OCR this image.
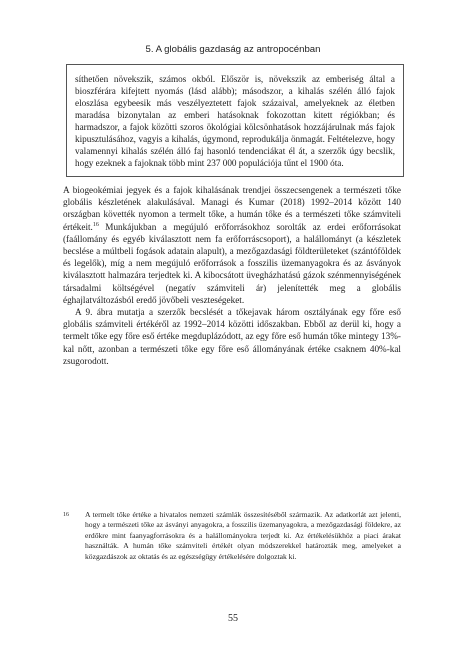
5. A globális gazdaság az antropocénban

síthetően növekszik, számos okból. Először is, növekszik az emberiség által a bioszférára kifejtett nyomás (lásd alább); másodszor, a kihalás szélén álló fajok eloszlása egybeesik más veszélyeztetett fajok százaival, amelyeknek az életben maradása bizonytalan az emberi hatásoknak fokozottan kitett régiókban; és harmadszor, a fajok közötti szoros ökológiai kölcsönhatások hozzájárulnak más fajok kipusztulásához, vagyis a kihalás, úgymond, reprodukálja önmagát. Feltételezve, hogy valamennyi kihalás szélén álló faj hasonló tendenciákat él át, a szerzők úgy becslik, hogy ezeknek a fajoknak több mint 237 000 populációja tűnt el 1900 óta.

A biogeokémiai jegyek és a fajok kihalásának trendjei összecsengenek a természeti tőke globális készletének alakulásával. Managi és Kumar (2018) 1992–2014 között 140 országban követték nyomon a termelt tőke, a humán tőke és a természeti tőke számviteli értékeit.$^{16}$ Munkájukban a megújuló erőforrásokhoz sorolták az erdei erőforrásokat (faállomány és egyéb kiválasztott nem fa erőforráscsoport), a halállományt (a készletek becslése a múltbeli fogások adatain alapult), a mezőgazdasági földterületeket (szántóföldek és legelők), míg a nem megújuló erőforrások a fosszilis üzemanyagokra és az ásványok kiválasztott halmazára terjedtek ki. A kibocsátott üvegházhatású gázok szénmennyiségének társadalmi költségével (negatív számviteli ár) jelenítették meg a globális éghajlatváltozásból eredő jövőbeli veszteségeket.

A 9. ábra mutatja a szerzők becslését a tőkejavak három osztályának egy főre eső globális számviteli értékéről az 1992–2014 közötti időszakban. Ebből az derül ki, hogy a termelt tőke egy főre eső értéke megduplázódott, az egy főre eső humán tőke mintegy 13%-kal nőtt, azonban a természeti tőke egy főre eső állományának értéke csaknem 40%-kal zsugorodott.

16	A termelt tőke értéke a hivatalos nemzeti számlák összesítéséből származik. Az adatkorlát azt jelenti, hogy a természeti tőke az ásványi anyagokra, a fosszilis üzemanyagokra, a mezőgazdasági földekre, az erdőkre mint faanyagforrásokra és a halállományokra terjedt ki. Az értékelésükhöz a piaci árakat használták. A humán tőke számviteli értékét olyan módszerekkel határozták meg, amelyeket a közgazdászok az oktatás és az egészségügy értékelésére dolgoztak ki.
55
